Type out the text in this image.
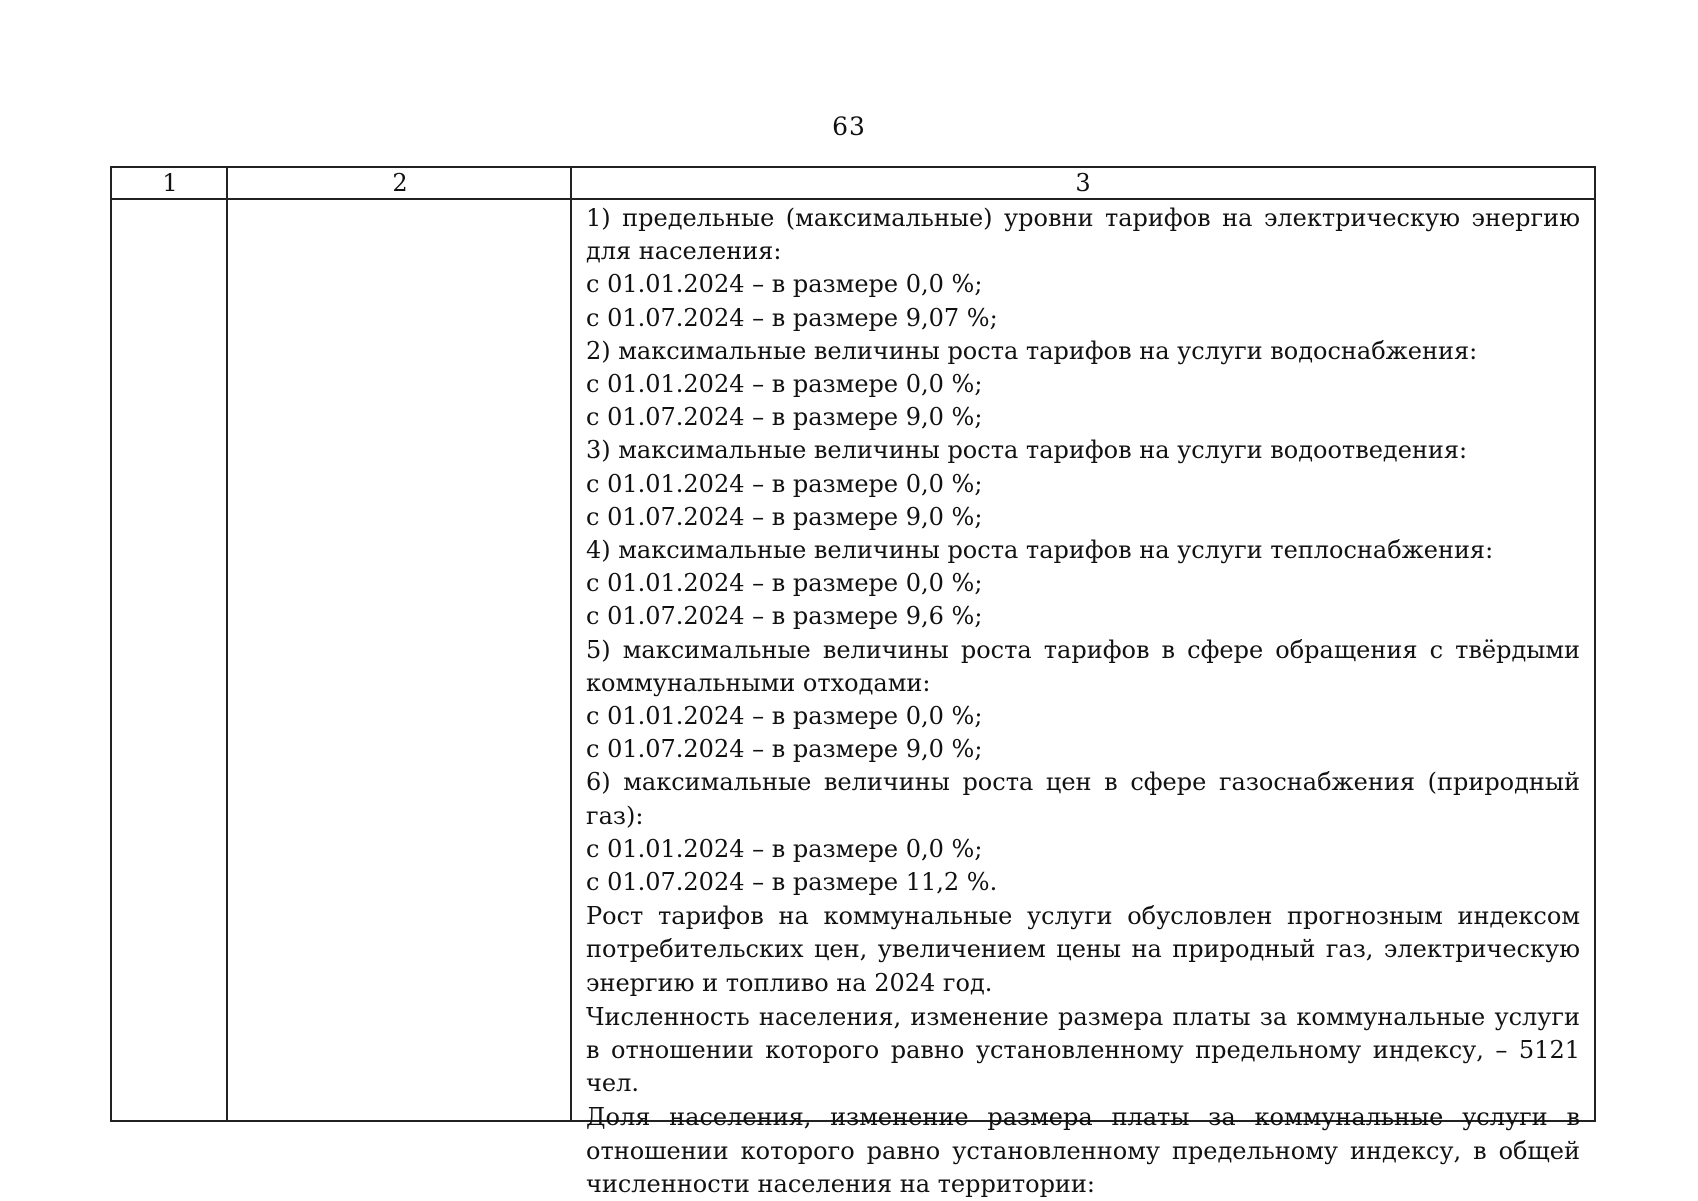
63
1	2	3

1) предельные (максимальные) уровни тарифов на электрическую энергию для населения:

с 01.01.2024 – в размере 0,0 %;

с 01.07.2024 – в размере 9,07 %;

2) максимальные величины роста тарифов на услуги водоснабжения:

с 01.01.2024 – в размере 0,0 %;

с 01.07.2024 – в размере 9,0 %;

3) максимальные величины роста тарифов на услуги водоотведения:

с 01.01.2024 – в размере 0,0 %;

с 01.07.2024 – в размере 9,0 %;

4) максимальные величины роста тарифов на услуги теплоснабжения:

с 01.01.2024 – в размере 0,0 %;

с 01.07.2024 – в размере 9,6 %;

5) максимальные величины роста тарифов в сфере обращения с твёрдыми коммунальными отходами:

с 01.01.2024 – в размере 0,0 %;

с 01.07.2024 – в размере 9,0 %;

6) максимальные величины роста цен в сфере газоснабжения (природный газ):

с 01.01.2024 – в размере 0,0 %;

с 01.07.2024 – в размере 11,2 %.

Рост тарифов на коммунальные услуги обусловлен прогнозным индексом потребительских цен, увеличением цены на природный газ, электрическую энергию и топливо на 2024 год.

Численность населения, изменение размера платы за коммунальные услуги в отношении которого равно установленному предельному индексу, – 5121 чел.

Доля населения, изменение размера платы за коммунальные услуги в отношении которого равно установленному предельному индексу, в общей численности населения на территории:
